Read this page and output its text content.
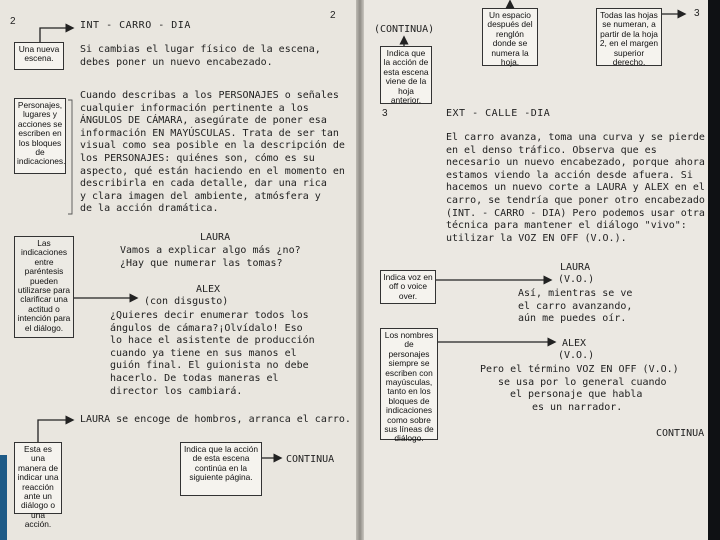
2
2
INT - CARRO - DIA
Si cambias el lugar físico de la escena,
debes poner un nuevo encabezado.
Cuando describas a los PERSONAJES o señales
cualquier información pertinente a los
ÁNGULOS DE CÁMARA, asegúrate de poner esa
información EN MAYÚSCULAS. Trata de ser tan
visual como sea posible en la descripción de
los PERSONAJES: quiénes son, cómo es su
aspecto, qué están haciendo en el momento en
describirla en cada detalle, dar una rica
y clara imagen del ambiente, atmósfera y
de la acción dramática.
LAURA
Vamos a explicar algo más ¿no?
¿Hay que numerar las tomas?
ALEX
(con disgusto)
¿Quieres decir enumerar todos los
ángulos de cámara?¡Olvídalo! Eso
lo hace el asistente de producción
cuando ya tiene en sus manos el
guión final. El guionista no debe
hacerlo. De todas maneras el
director los cambiará.
LAURA se encoge de hombros, arranca el carro.
CONTINUA
Una nueva escena.
Personajes, lugares y acciones se escriben en los bloques de indicaciones.
Las indicaciones entre paréntesis pueden utilizarse para clarificar una actitud o intención para el diálogo.
Esta es una manera de indicar una reacción ante un diálogo o una acción.
Indica que la acción de esta escena continúa en la siguiente página.
3
3
(CONTINUA)
EXT - CALLE -DIA
El carro avanza, toma una curva y se pierde
en el denso tráfico. Observa que es
necesario un nuevo encabezado, porque ahora
estamos viendo la acción desde afuera. Si
hacemos un nuevo corte a LAURA y ALEX en el
carro, se tendría que poner otro encabezado
(INT. - CARRO - DIA) Pero podemos usar otra
técnica para mantener el diálogo "vivo":
utilizar la VOZ EN OFF (V.O.).
LAURA
(V.O.)
Así, mientras se ve
el carro avanzando,
aún me puedes oír.
ALEX
(V.O.)
Pero el término VOZ EN OFF (V.O.)
se usa por lo general cuando
el personaje que habla
es un narrador.
CONTINUA
Un espacio después del renglón donde se numera la hoja.
Todas las hojas se numeran, a partir de la hoja 2, en el margen superior derecho.
Indica que la acción de esta escena viene de la hoja anterior.
Indica voz en off o voice over.
Los nombres de personajes siempre se escriben con mayúsculas, tanto en los bloques de indicaciones como sobre sus líneas de diálogo.
